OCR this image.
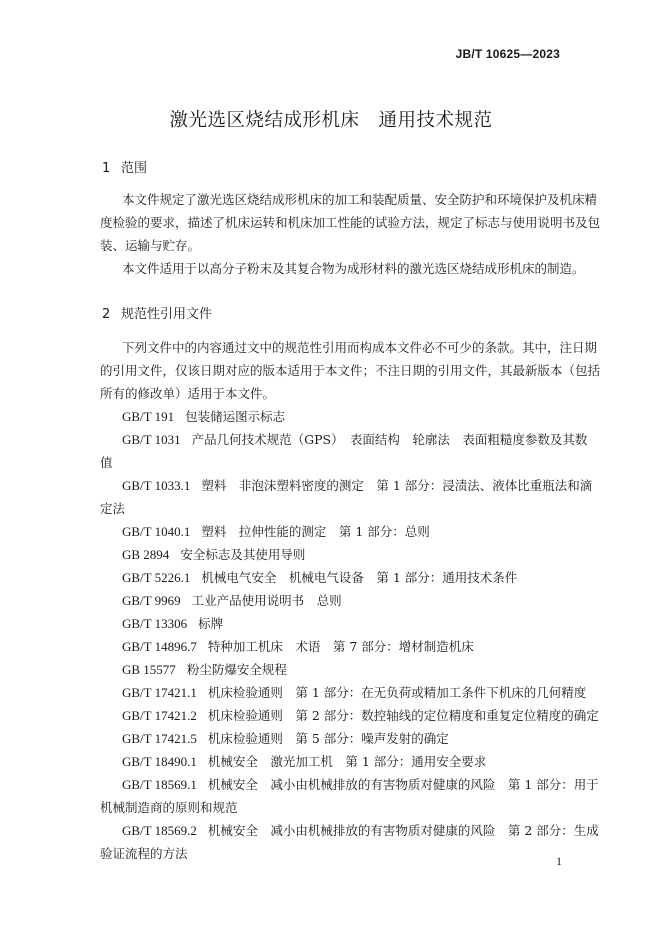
JB/T 10625—2023
激光选区烧结成形机床　通用技术规范
1 范围
本文件规定了激光选区烧结成形机床的加工和装配质量、安全防护和环境保护及机床精
度检验的要求，描述了机床运转和机床加工性能的试验方法，规定了标志与使用说明书及包
装、运输与贮存。
本文件适用于以高分子粉末及其复合物为成形材料的激光选区烧结成形机床的制造。
2 规范性引用文件
下列文件中的内容通过文中的规范性引用而构成本文件必不可少的条款。其中，注日期
的引用文件，仅该日期对应的版本适用于本文件；不注日期的引用文件，其最新版本（包括
所有的修改单）适用于本文件。
GB/T 191 包装储运图示标志
GB/T 1031 产品几何技术规范（GPS）　表面结构　轮廓法　表面粗糙度参数及其数
值
GB/T 1033.1 塑料　非泡沫塑料密度的测定　第 1 部分：浸渍法、液体比重瓶法和滴
定法
GB/T 1040.1 塑料　拉伸性能的测定　第 1 部分：总则
GB 2894 安全标志及其使用导则
GB/T 5226.1 机械电气安全　机械电气设备　第 1 部分：通用技术条件
GB/T 9969 工业产品使用说明书　总则
GB/T 13306 标牌
GB/T 14896.7 特种加工机床　术语　第 7 部分：增材制造机床
GB 15577 粉尘防爆安全规程
GB/T 17421.1 机床检验通则　第 1 部分：在无负荷或精加工条件下机床的几何精度
GB/T 17421.2 机床检验通则　第 2 部分：数控轴线的定位精度和重复定位精度的确定
GB/T 17421.5 机床检验通则　第 5 部分：噪声发射的确定
GB/T 18490.1 机械安全　激光加工机　第 1 部分：通用安全要求
GB/T 18569.1 机械安全　减小由机械排放的有害物质对健康的风险　第 1 部分：用于
机械制造商的原则和规范
GB/T 18569.2 机械安全　减小由机械排放的有害物质对健康的风险　第 2 部分：生成
验证流程的方法	1
